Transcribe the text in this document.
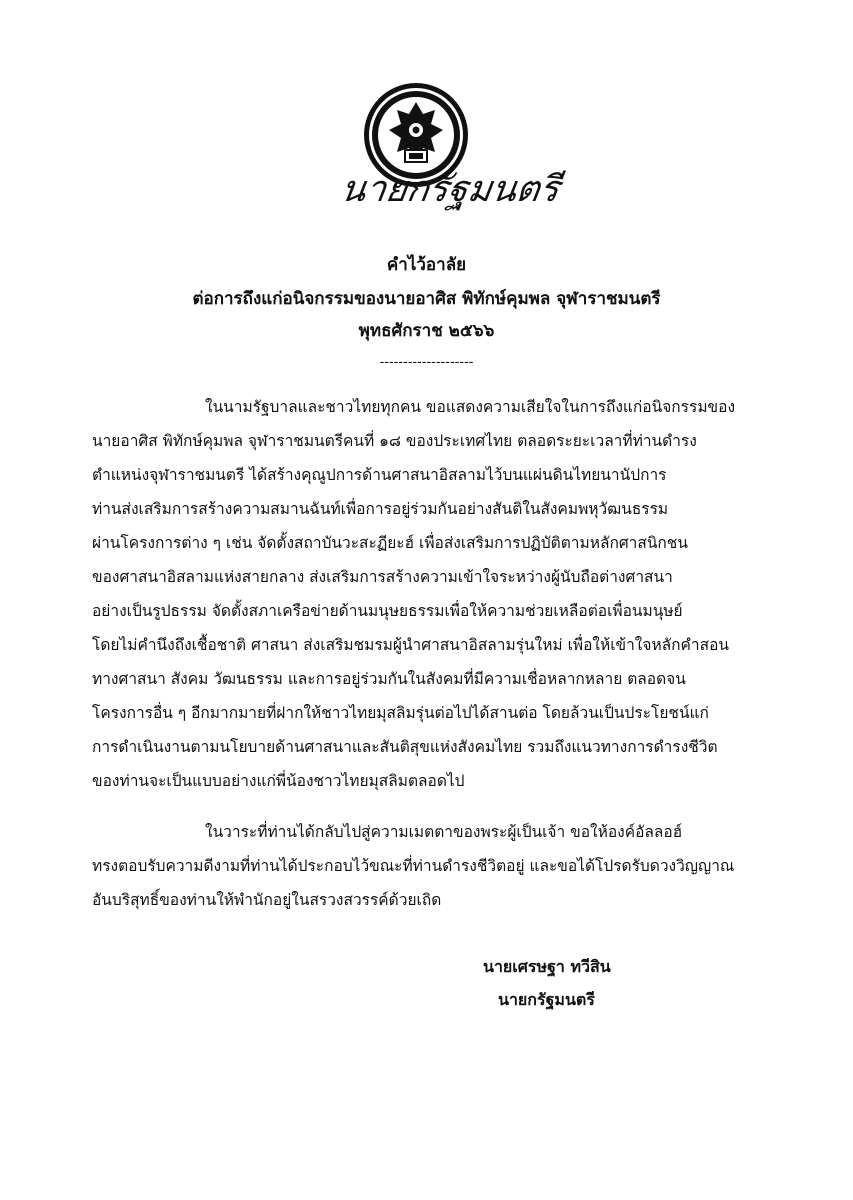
นายกรัฐมนตรี
คำไว้อาลัย
ต่อการถึงแก่อนิจกรรมของนายอาศิส พิทักษ์คุมพล จุฬาราชมนตรี
พุทธศักราช ๒๕๖๖
--------------------
ในนามรัฐบาลและชาวไทยทุกคน ขอแสดงความเสียใจในการถึงแก่อนิจกรรมของ
นายอาศิส พิทักษ์คุมพล จุฬาราชมนตรีคนที่ ๑๘ ของประเทศไทย ตลอดระยะเวลาที่ท่านดำรง
ตำแหน่งจุฬาราชมนตรี ได้สร้างคุณูปการด้านศาสนาอิสลามไว้บนแผ่นดินไทยนานัปการ
ท่านส่งเสริมการสร้างความสมานฉันท์เพื่อการอยู่ร่วมกันอย่างสันติในสังคมพหุวัฒนธรรม
ผ่านโครงการต่าง ๆ เช่น จัดตั้งสถาบันวะสะฏียะฮ์ เพื่อส่งเสริมการปฏิบัติตามหลักศาสนิกชน
ของศาสนาอิสลามแห่งสายกลาง ส่งเสริมการสร้างความเข้าใจระหว่างผู้นับถือต่างศาสนา
อย่างเป็นรูปธรรม จัดตั้งสภาเครือข่ายด้านมนุษยธรรมเพื่อให้ความช่วยเหลือต่อเพื่อนมนุษย์
โดยไม่คำนึงถึงเชื้อชาติ ศาสนา ส่งเสริมชมรมผู้นำศาสนาอิสลามรุ่นใหม่ เพื่อให้เข้าใจหลักคำสอน
ทางศาสนา สังคม วัฒนธรรม และการอยู่ร่วมกันในสังคมที่มีความเชื่อหลากหลาย ตลอดจน
โครงการอื่น ๆ อีกมากมายที่ฝากให้ชาวไทยมุสลิมรุ่นต่อไปได้สานต่อ โดยล้วนเป็นประโยชน์แก่
การดำเนินงานตามนโยบายด้านศาสนาและสันติสุขแห่งสังคมไทย รวมถึงแนวทางการดำรงชีวิต
ของท่านจะเป็นแบบอย่างแก่พี่น้องชาวไทยมุสลิมตลอดไป
ในวาระที่ท่านได้กลับไปสู่ความเมตตาของพระผู้เป็นเจ้า ขอให้องค์อัลลอฮ์
ทรงตอบรับความดีงามที่ท่านได้ประกอบไว้ขณะที่ท่านดำรงชีวิตอยู่ และขอได้โปรดรับดวงวิญญาณ
อันบริสุทธิ์ของท่านให้พำนักอยู่ในสรวงสวรรค์ด้วยเถิด
นายเศรษฐา ทวีสิน
นายกรัฐมนตรี
